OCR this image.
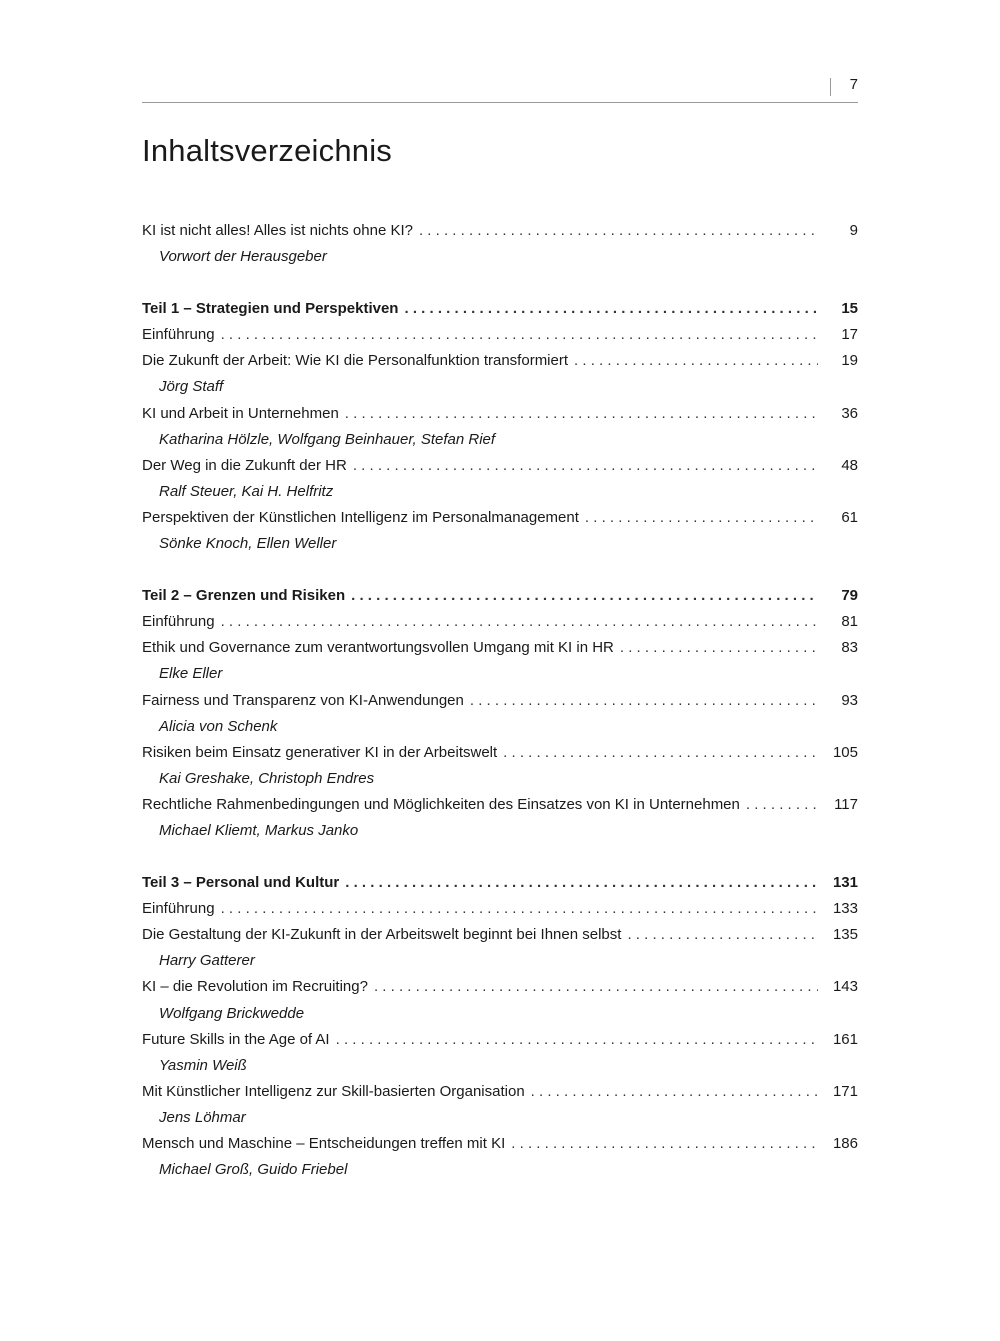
7
Inhaltsverzeichnis
KI ist nicht alles! Alles ist nichts ohne KI? . . .	9
Vorwort der Herausgeber
Teil 1 – Strategien und Perspektiven . . .	15
Einführung . . .	17
Die Zukunft der Arbeit: Wie KI die Personalfunktion transformiert . . .	19
Jörg Staff
KI und Arbeit in Unternehmen . . .	36
Katharina Hölzle, Wolfgang Beinhauer, Stefan Rief
Der Weg in die Zukunft der HR . . .	48
Ralf Steuer, Kai H. Helfritz
Perspektiven der Künstlichen Intelligenz im Personalmanagement . . .	61
Sönke Knoch, Ellen Weller
Teil 2 – Grenzen und Risiken . . .	79
Einführung . . .	81
Ethik und Governance zum verantwortungsvollen Umgang mit KI in HR . . .	83
Elke Eller
Fairness und Transparenz von KI-Anwendungen . . .	93
Alicia von Schenk
Risiken beim Einsatz generativer KI in der Arbeitswelt . . .	105
Kai Greshake, Christoph Endres
Rechtliche Rahmenbedingungen und Möglichkeiten des Einsatzes von KI in Unternehmen . . .	117
Michael Kliemt, Markus Janko
Teil 3 – Personal und Kultur . . .	131
Einführung . . .	133
Die Gestaltung der KI-Zukunft in der Arbeitswelt beginnt bei Ihnen selbst . . .	135
Harry Gatterer
KI – die Revolution im Recruiting? . . .	143
Wolfgang Brickwedde
Future Skills in the Age of AI . . .	161
Yasmin Weiß
Mit Künstlicher Intelligenz zur Skill-basierten Organisation . . .	171
Jens Löhmar
Mensch und Maschine – Entscheidungen treffen mit KI . . .	186
Michael Groß, Guido Friebel
